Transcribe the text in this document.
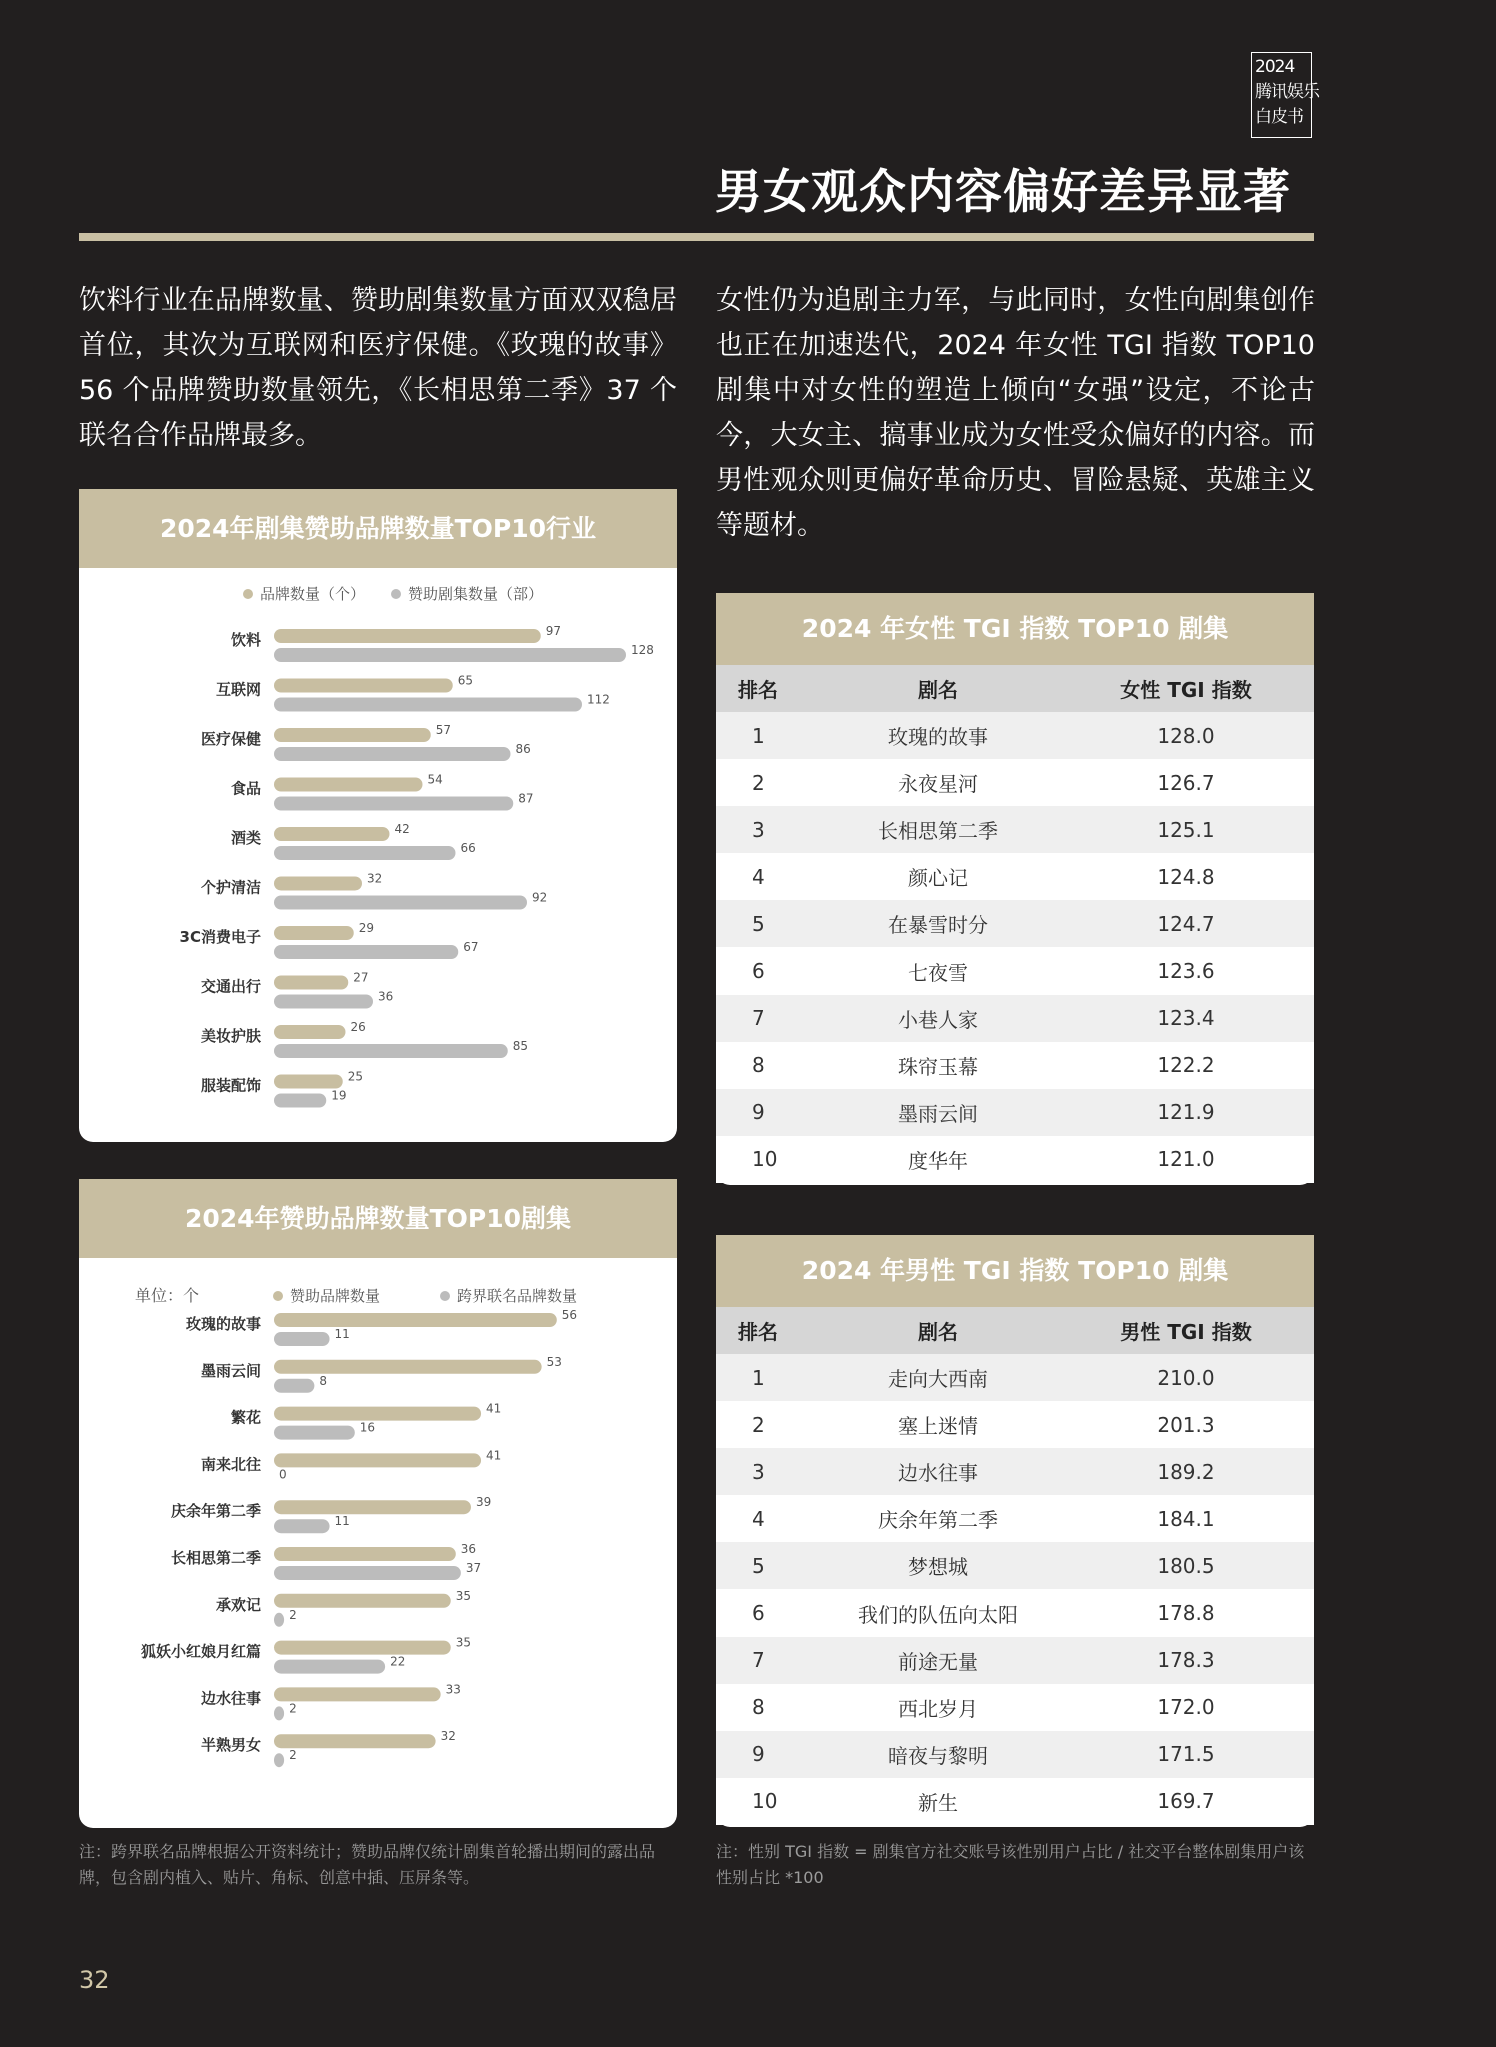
2024
腾讯娱乐
白皮书
男女观众内容偏好差异显著
饮料行业在品牌数量、赞助剧集数量方面双双稳居首位，其次为互联网和医疗保健。《玫瑰的故事》56 个品牌赞助数量领先，《长相思第二季》37 个联名合作品牌最多。
女性仍为追剧主力军，与此同时，女性向剧集创作也正在加速迭代，2024 年女性 TGI 指数 TOP10 剧集中对女性的塑造上倾向“女强”设定，不论古今，大女主、搞事业成为女性受众偏好的内容。而男性观众则更偏好革命历史、冒险悬疑、英雄主义等题材。
2024年剧集赞助品牌数量TOP10行业
品牌数量（个）	赞助剧集数量（部）
饮料	97
128
互联网	65
112
医疗保健	57
86
食品	54
87
酒类	42
66
个护清洁	32
92
3C消费电子	29
67
交通出行	27
36
美妆护肤	26
85
服装配饰	25
19
2024年赞助品牌数量TOP10剧集
单位：个	赞助品牌数量	跨界联名品牌数量
玫瑰的故事	56
11
墨雨云间	53
8
繁花	41
16
南来北往	41
0
庆余年第二季	39
11
长相思第二季	36
37
承欢记	35
2
狐妖小红娘月红篇	35
22
边水往事	33
2
半熟男女	32
2
2024 年女性 TGI 指数 TOP10 剧集
排名	剧名	女性 TGI 指数
1	玫瑰的故事	128.0
2	永夜星河	126.7
3	长相思第二季	125.1
4	颜心记	124.8
5	在暴雪时分	124.7
6	七夜雪	123.6
7	小巷人家	123.4
8	珠帘玉幕	122.2
9	墨雨云间	121.9
10	度华年	121.0
2024 年男性 TGI 指数 TOP10 剧集
排名	剧名	男性 TGI 指数
1	走向大西南	210.0
2	塞上迷情	201.3
3	边水往事	189.2
4	庆余年第二季	184.1
5	梦想城	180.5
6	我们的队伍向太阳	178.8
7	前途无量	178.3
8	西北岁月	172.0
9	暗夜与黎明	171.5
10	新生	169.7
注：跨界联名品牌根据公开资料统计；赞助品牌仅统计剧集首轮播出期间的露出品牌，包含剧内植入、贴片、角标、创意中插、压屏条等。
注：性别 TGI 指数 = 剧集官方社交账号该性别用户占比 / 社交平台整体剧集用户该性别占比 *100
32
